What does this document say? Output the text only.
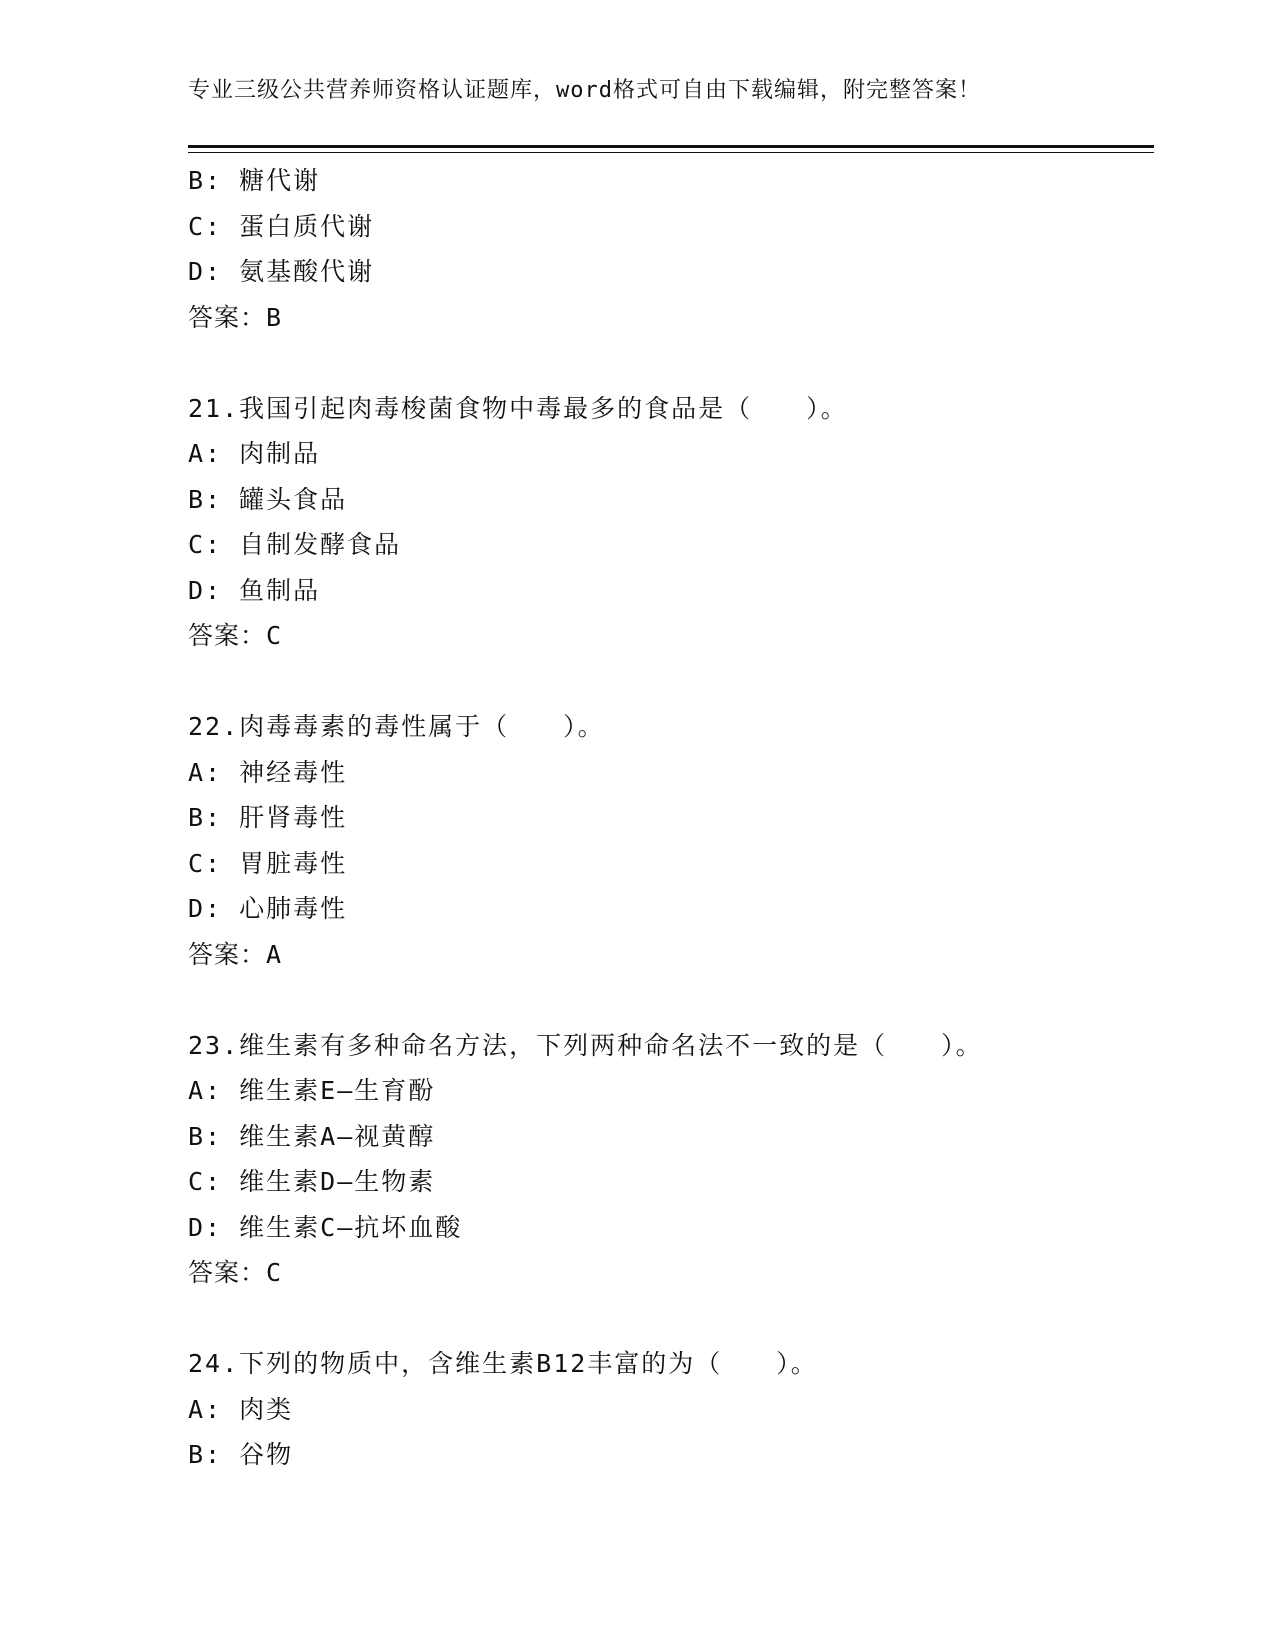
专业三级公共营养师资格认证题库，word格式可自由下载编辑，附完整答案！
B: 糖代谢
C: 蛋白质代谢
D: 氨基酸代谢
答案：B
21.我国引起肉毒梭菌食物中毒最多的食品是（　　）。
A: 肉制品
B: 罐头食品
C: 自制发酵食品
D: 鱼制品
答案：C
22.肉毒毒素的毒性属于（　　）。
A: 神经毒性
B: 肝肾毒性
C: 胃脏毒性
D: 心肺毒性
答案：A
23.维生素有多种命名方法，下列两种命名法不一致的是（　　）。
A: 维生素E—生育酚
B: 维生素A—视黄醇
C: 维生素D—生物素
D: 维生素C—抗坏血酸
答案：C
24.下列的物质中，含维生素B12丰富的为（　　）。
A: 肉类
B: 谷物
